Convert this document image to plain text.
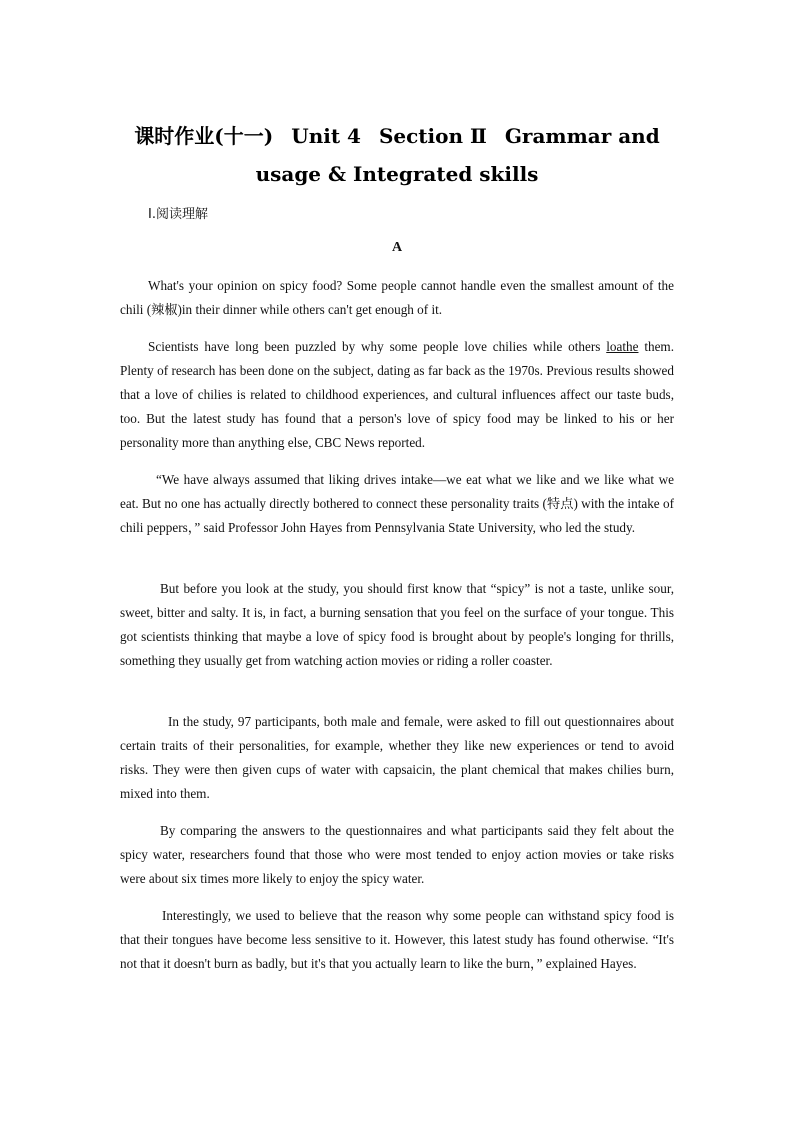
课时作业(十一) Unit 4 Section Ⅱ Grammar and
usage & Integrated skills
Ⅰ.阅读理解
A

What's your opinion on spicy food? Some people cannot handle even the smallest amount of the chili (辣椒)in their dinner while others can't get enough of it.

Scientists have long been puzzled by why some people love chilies while others loathe them. Plenty of research has been done on the subject, dating as far back as the 1970s. Previous results showed that a love of chilies is related to childhood experiences, and cultural influences affect our taste buds, too. But the latest study has found that a person's love of spicy food may be linked to his or her personality more than anything else, CBC News reported.

“We have always assumed that liking drives intake—we eat what we like and we like what we eat. But no one has actually directly bothered to connect these personality traits (特点) with the intake of chili peppers，” said Professor John Hayes from Pennsylvania State University, who led the study.

But before you look at the study, you should first know that “spicy” is not a taste, unlike sour, sweet, bitter and salty. It is, in fact, a burning sensation that you feel on the surface of your tongue. This got scientists thinking that maybe a love of spicy food is brought about by people's longing for thrills, something they usually get from watching action movies or riding a roller coaster.

In the study, 97 participants, both male and female, were asked to fill out questionnaires about certain traits of their personalities, for example, whether they like new experiences or tend to avoid risks. They were then given cups of water with capsaicin, the plant chemical that makes chilies burn, mixed into them.

By comparing the answers to the questionnaires and what participants said they felt about the spicy water, researchers found that those who were most tended to enjoy action movies or take risks were about six times more likely to enjoy the spicy water.

Interestingly, we used to believe that the reason why some people can withstand spicy food is that their tongues have become less sensitive to it. However, this latest study has found otherwise. “It's not that it doesn't burn as badly, but it's that you actually learn to like the burn，” explained Hayes.
